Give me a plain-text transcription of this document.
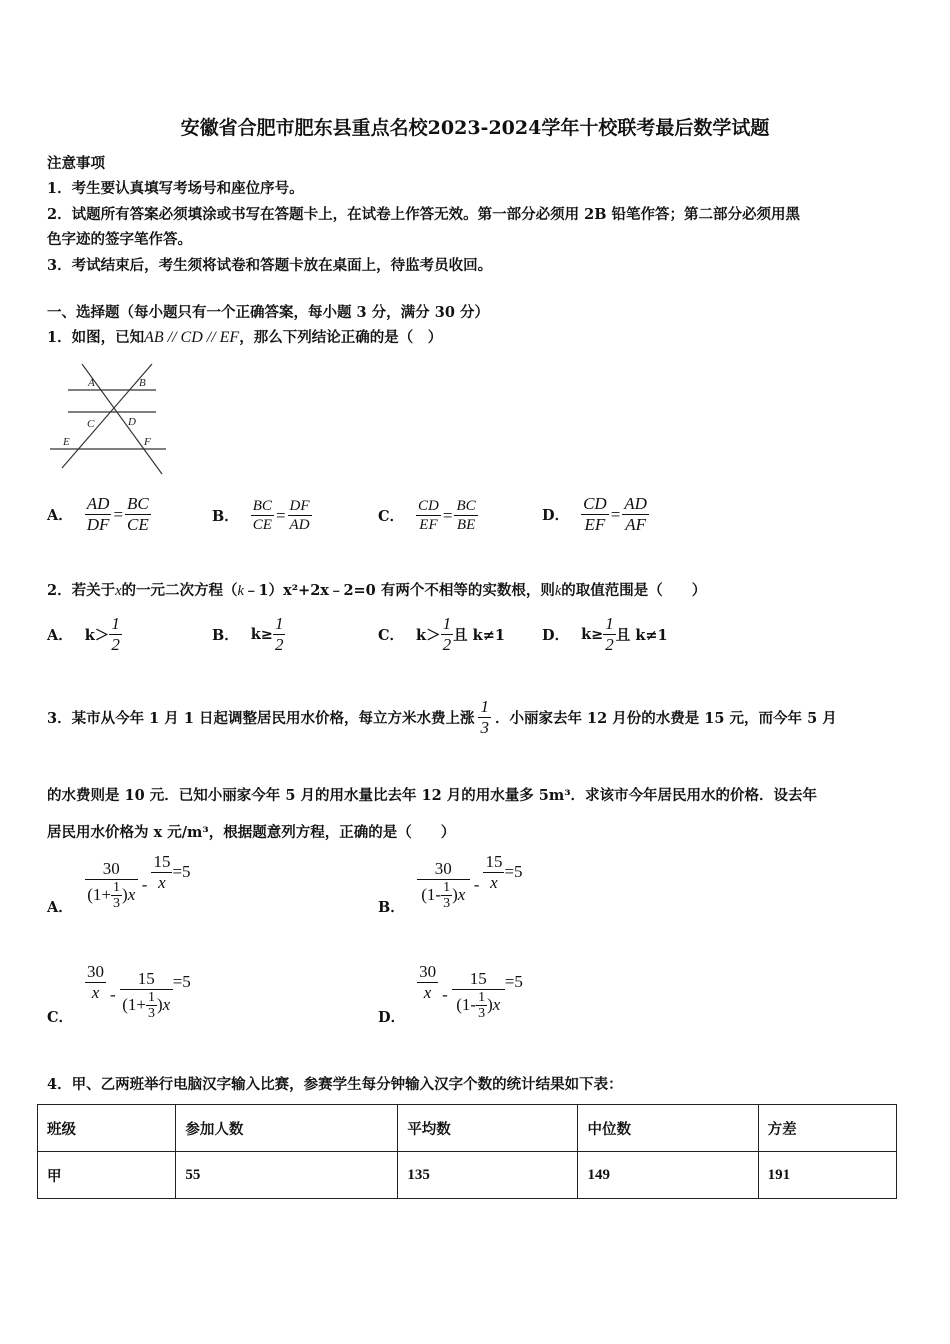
安徽省合肥市肥东县重点名校2023-2024学年十校联考最后数学试题
注意事项
1．考生要认真填写考场号和座位序号。
2．试题所有答案必须填涂或书写在答题卡上，在试卷上作答无效。第一部分必须用 2B 铅笔作答；第二部分必须用黑
色字迹的签字笔作答。
3．考试结束后，考生须将试卷和答题卡放在桌面上，待监考员收回。
一、选择题（每小题只有一个正确答案，每小题 3 分，满分 30 分）
1．如图，已知AB // CD // EF，那么下列结论正确的是（　）
A	B
C	D
E	F
A． $\frac{AD}{DF} = \frac{BC}{CE}$	B． $\frac{BC}{CE} = \frac{DF}{AD}$	C． $\frac{CD}{EF} = \frac{BC}{BE}$	D． $\frac{CD}{EF} = \frac{AD}{AF}$
2．若关于x的一元二次方程（k﹣1）x²+2x﹣2=0 有两个不相等的实数根，则k的取值范围是（　　）
A． $k> \frac{1}{2}$	B． $k\ge \frac{1}{2}$	C． $k> \frac{1}{2}$ 且 k≠1	D． $k\ge \frac{1}{2}$ 且 k≠1
3．某市从今年 1 月 1 日起调整居民用水价格，每立方米水费上涨 $\frac{1}{3}$ ．小丽家去年 12 月份的水费是 15 元，而今年 5 月
的水费则是 10 元．已知小丽家今年 5 月的用水量比去年 12 月的用水量多 5m³．求该市今年居民用水的价格．设去年
居民用水价格为 x 元/m³，根据题意列方程，正确的是（　　）
A． $\frac{30}{(1 + \frac{1}{3} ) x} - \frac{15}{x} =5$
B． $\frac{30}{(1 - \frac{1}{3} ) x} - \frac{15}{x} =5$
C．
$\frac{30}{x} - \frac{15}{(1 + \frac{1}{3} ) x} =5$
D．
$\frac{30}{x} - \frac{15}{(1 - \frac{1}{3} ) x} =5$
4．甲、乙两班举行电脑汉字输入比赛，参赛学生每分钟输入汉字个数的统计结果如下表：
班级	参加人数	平均数	中位数	方差
甲	55	135	149	191
